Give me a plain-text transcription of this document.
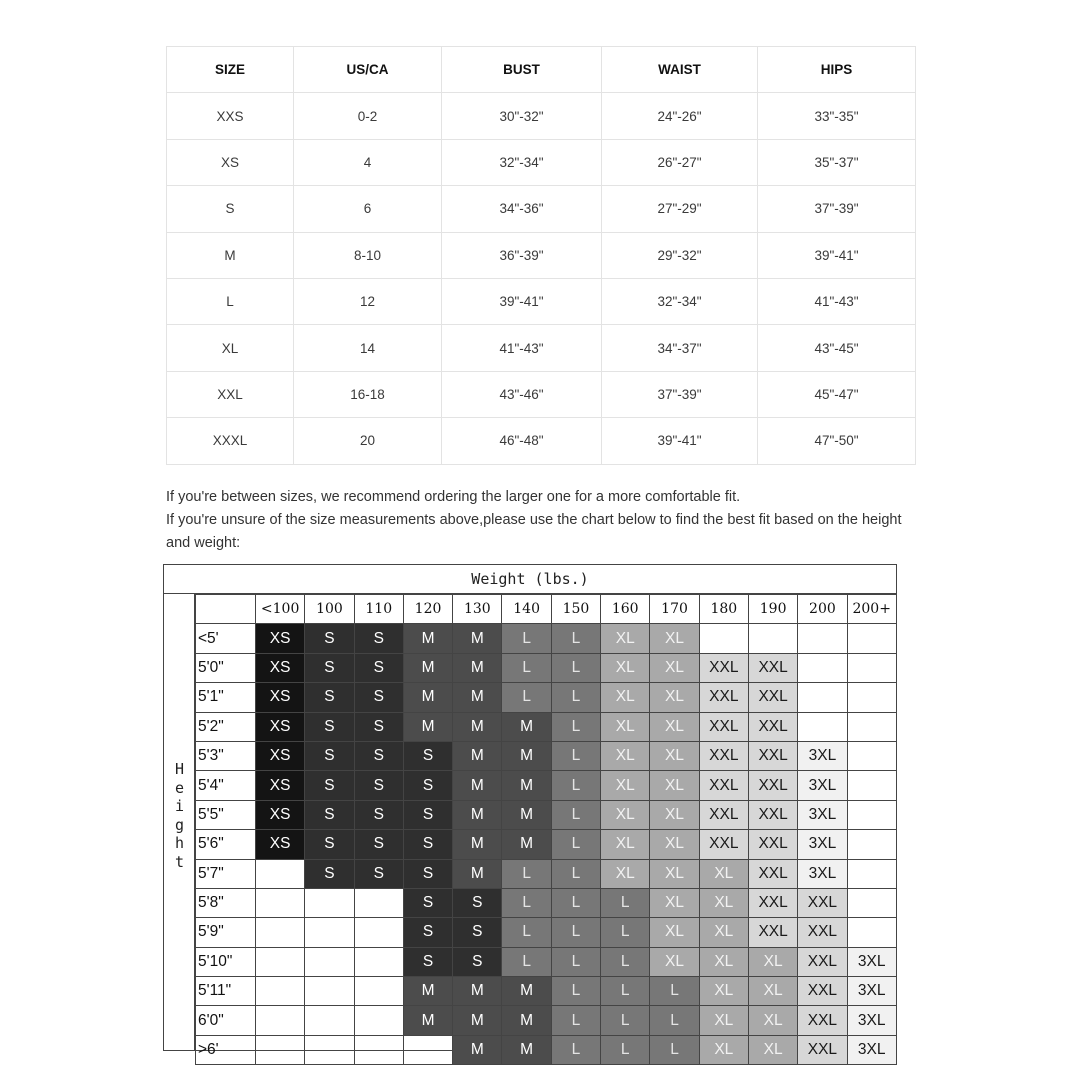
SIZE	US/CA	BUST	WAIST	HIPS
XXS	0-2	30"-32"	24"-26"	33"-35"
XS	4	32"-34"	26"-27"	35"-37"
S	6	34"-36"	27"-29"	37"-39"
M	8-10	36"-39"	29"-32"	39"-41"
L	12	39"-41"	32"-34"	41"-43"
XL	14	41"-43"	34"-37"	43"-45"
XXL	16-18	43"-46"	37"-39"	45"-47"
XXXL	20	46"-48"	39"-41"	47"-50"

If you're between sizes, we recommend ordering the larger one for a more comfortable fit.

If you're unsure of the size measurements above,please use the chart below to find the best fit based on the height and weight:

Weight (lbs.)
H
e
i
g
h
t
	<100	100	110	120	130	140	150	160	170	180	190	200	200+
<5'	XS	S	S	M	M	L	L	XL	XL				
5'0"	XS	S	S	M	M	L	L	XL	XL	XXL	XXL		
5'1"	XS	S	S	M	M	L	L	XL	XL	XXL	XXL		
5'2"	XS	S	S	M	M	M	L	XL	XL	XXL	XXL		
5'3"	XS	S	S	S	M	M	L	XL	XL	XXL	XXL	3XL	
5'4"	XS	S	S	S	M	M	L	XL	XL	XXL	XXL	3XL	
5'5"	XS	S	S	S	M	M	L	XL	XL	XXL	XXL	3XL	
5'6"	XS	S	S	S	M	M	L	XL	XL	XXL	XXL	3XL	
5'7"		S	S	S	M	L	L	XL	XL	XL	XXL	3XL	
5'8"				S	S	L	L	L	XL	XL	XXL	XXL	
5'9"				S	S	L	L	L	XL	XL	XXL	XXL	
5'10"				S	S	L	L	L	XL	XL	XL	XXL	3XL
5'11"				M	M	M	L	L	L	XL	XL	XXL	3XL
6'0"				M	M	M	L	L	L	XL	XL	XXL	3XL
>6'					M	M	L	L	L	XL	XL	XXL	3XL
